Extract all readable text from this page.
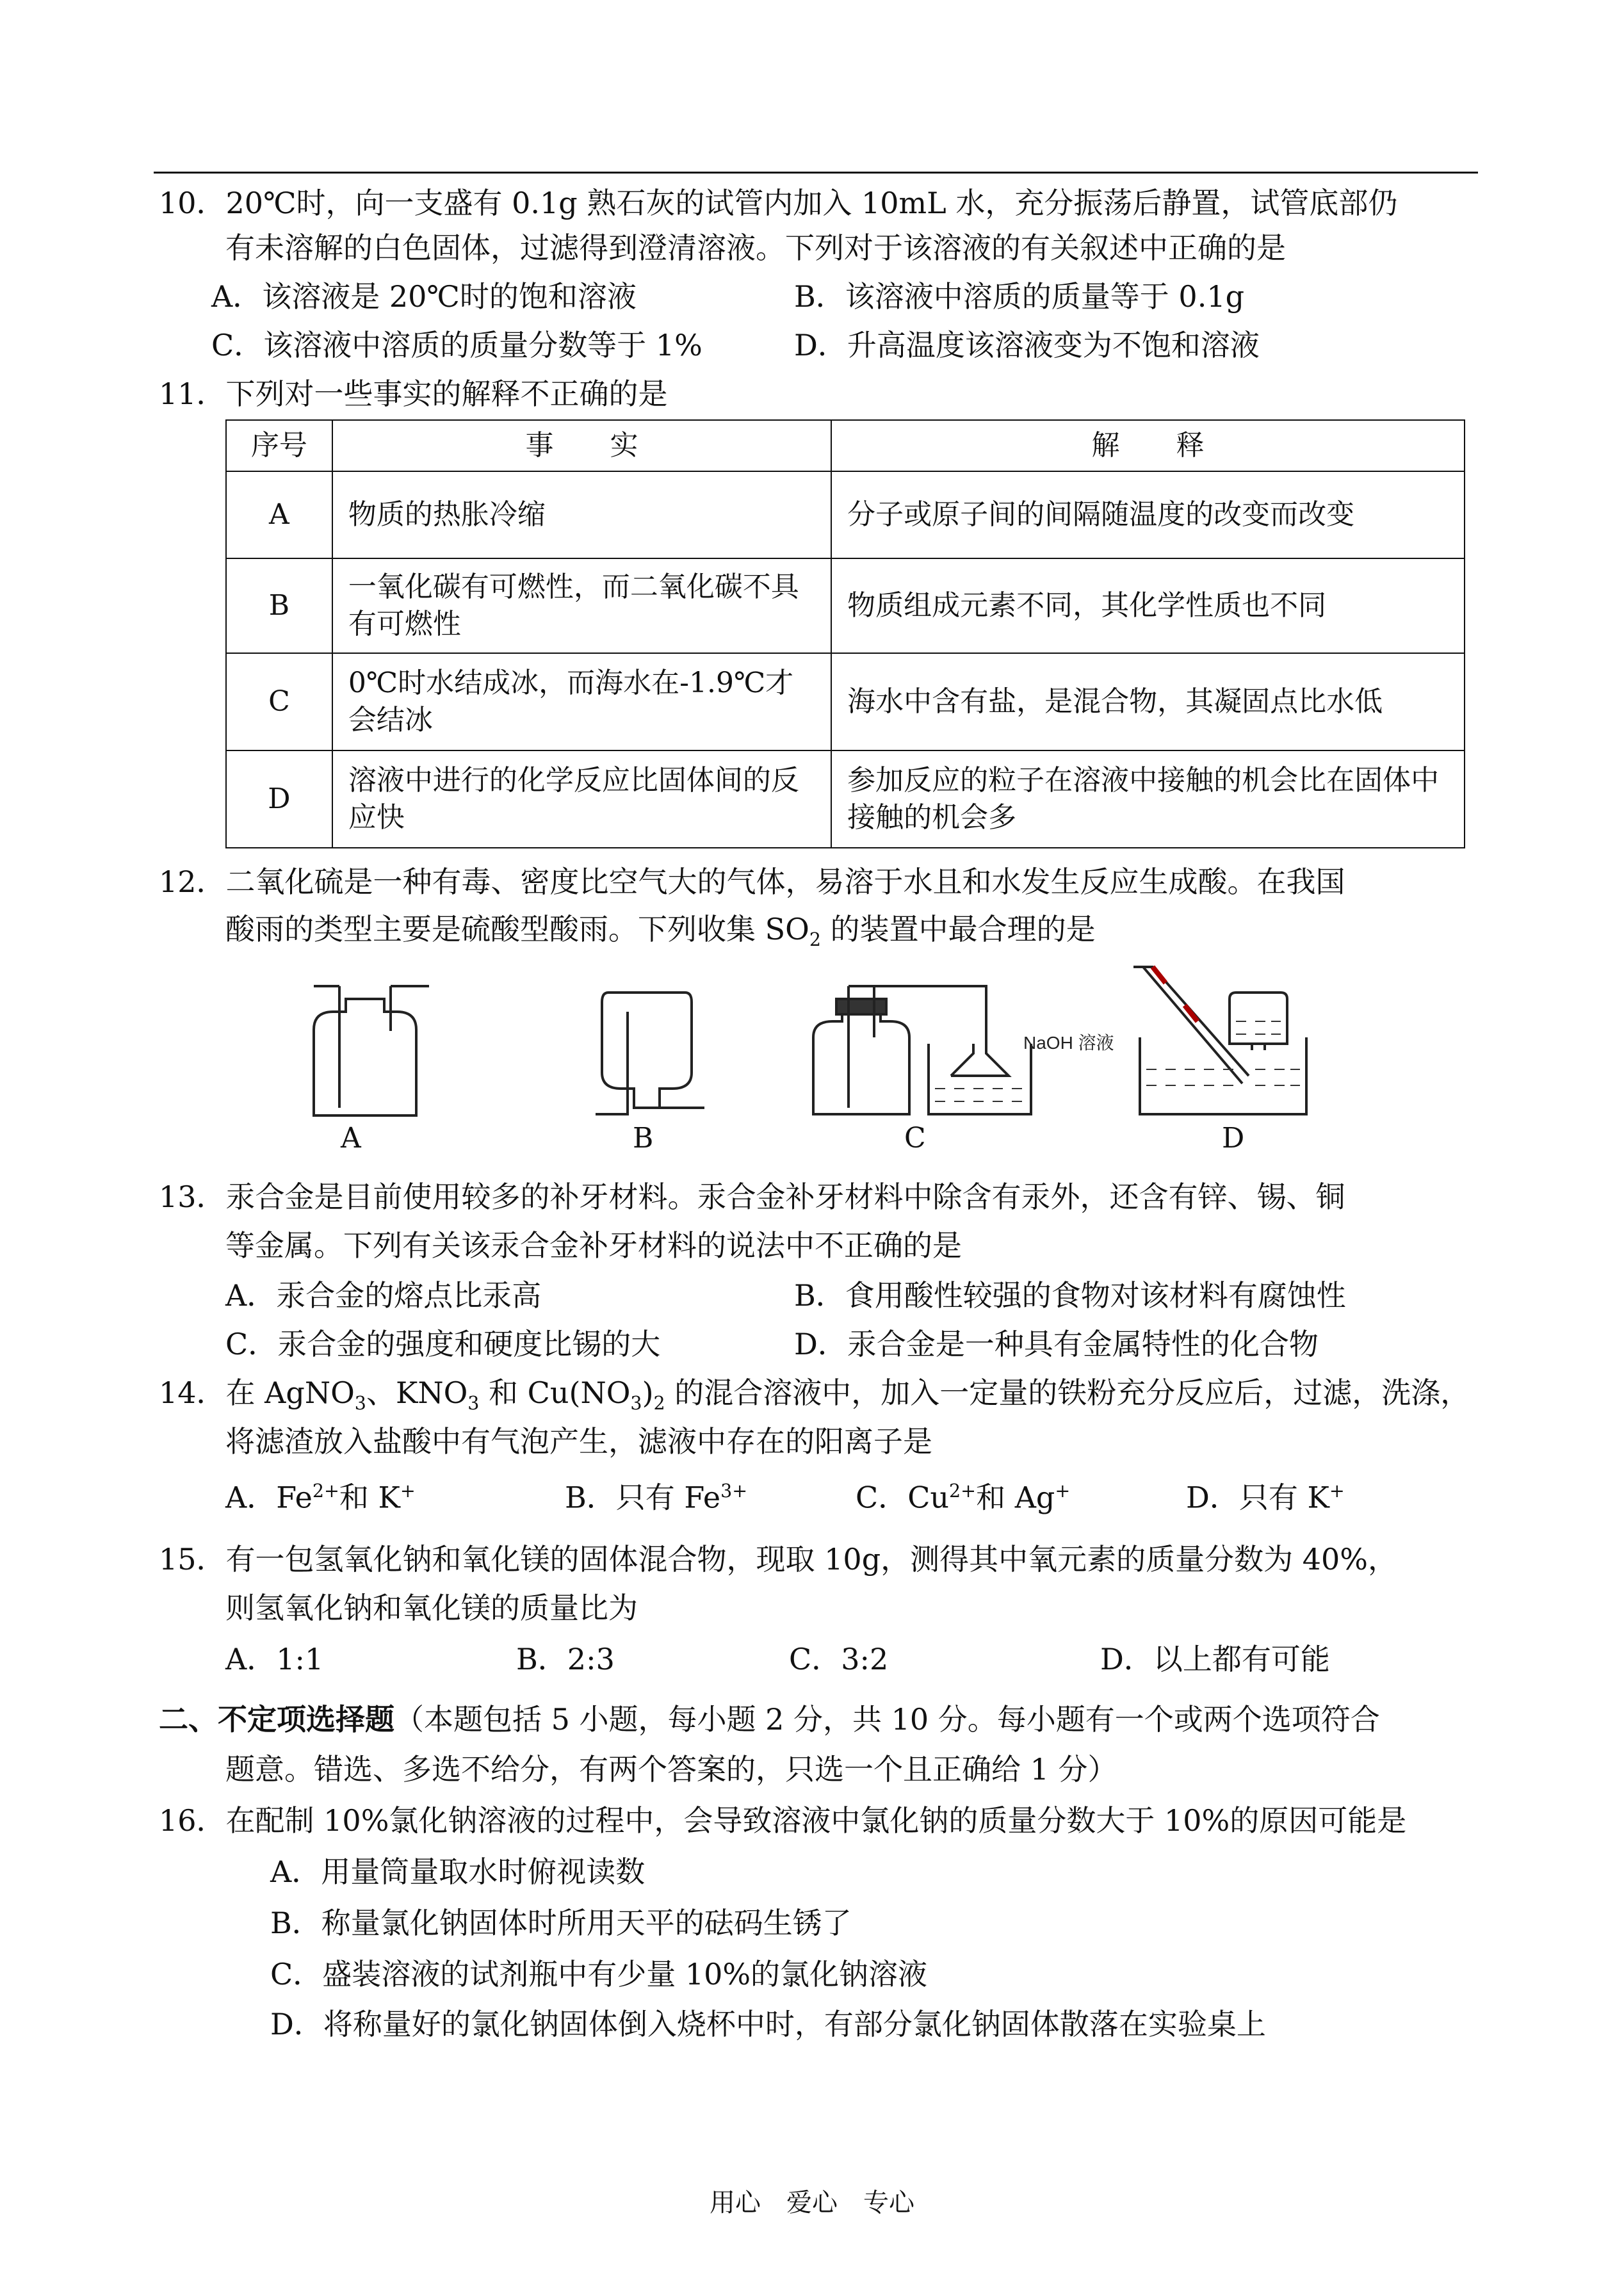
10．20℃时，向一支盛有 0.1g 熟石灰的试管内加入 10mL 水，充分振荡后静置，试管底部仍
有未溶解的白色固体，过滤得到澄清溶液。下列对于该溶液的有关叙述中正确的是
A．该溶液是 20℃时的饱和溶液	B．该溶液中溶质的质量等于 0.1g
C．该溶液中溶质的质量分数等于 1%	D．升高温度该溶液变为不饱和溶液
11．下列对一些事实的解释不正确的是
序号	事　　实	解　　释
A	物质的热胀冷缩	分子或原子间的间隔随温度的改变而改变
B	一氧化碳有可燃性，而二氧化碳不具有可燃性	物质组成元素不同，其化学性质也不同
C	0℃时水结成冰，而海水在-1.9℃才会结冰	海水中含有盐，是混合物，其凝固点比水低
D	溶液中进行的化学反应比固体间的反应快	参加反应的粒子在溶液中接触的机会比在固体中接触的机会多
12．二氧化硫是一种有毒、密度比空气大的气体，易溶于水且和水发生反应生成酸。在我国
酸雨的类型主要是硫酸型酸雨。下列收集 $SO_2$ 的装置中最合理的是
A	B
NaOH 溶液
C	D
13．汞合金是目前使用较多的补牙材料。汞合金补牙材料中除含有汞外，还含有锌、锡、铜
等金属。下列有关该汞合金补牙材料的说法中不正确的是
A．汞合金的熔点比汞高	B．食用酸性较强的食物对该材料有腐蚀性
C．汞合金的强度和硬度比锡的大	D．汞合金是一种具有金属特性的化合物
14．在 AgNO$_3$、$KNO_3$ 和 $Cu(NO_3)_2$ 的混合溶液中，加入一定量的铁粉充分反应后，过滤，洗涤，
将滤渣放入盐酸中有气泡产生，滤液中存在的阳离子是
A．$Fe^{2+}$和 K+	B．只有 $Fe^{3+}$	C．$Cu^{2+}$和 Ag+	D．只有 K+
15．有一包氢氧化钠和氧化镁的固体混合物，现取 10g，测得其中氧元素的质量分数为 40%，
则氢氧化钠和氧化镁的质量比为
A．1:1	B．2:3	C．3:2	D．以上都有可能
二、不定项选择题（本题包括 5 小题，每小题 2 分，共 10 分。每小题有一个或两个选项符合
题意。错选、多选不给分，有两个答案的，只选一个且正确给 1 分）
16．在配制 10%氯化钠溶液的过程中，会导致溶液中氯化钠的质量分数大于 10%的原因可能是
A．用量筒量取水时俯视读数
B．称量氯化钠固体时所用天平的砝码生锈了
C．盛装溶液的试剂瓶中有少量 10%的氯化钠溶液
D．将称量好的氯化钠固体倒入烧杯中时，有部分氯化钠固体散落在实验桌上
用心　爱心　专心
